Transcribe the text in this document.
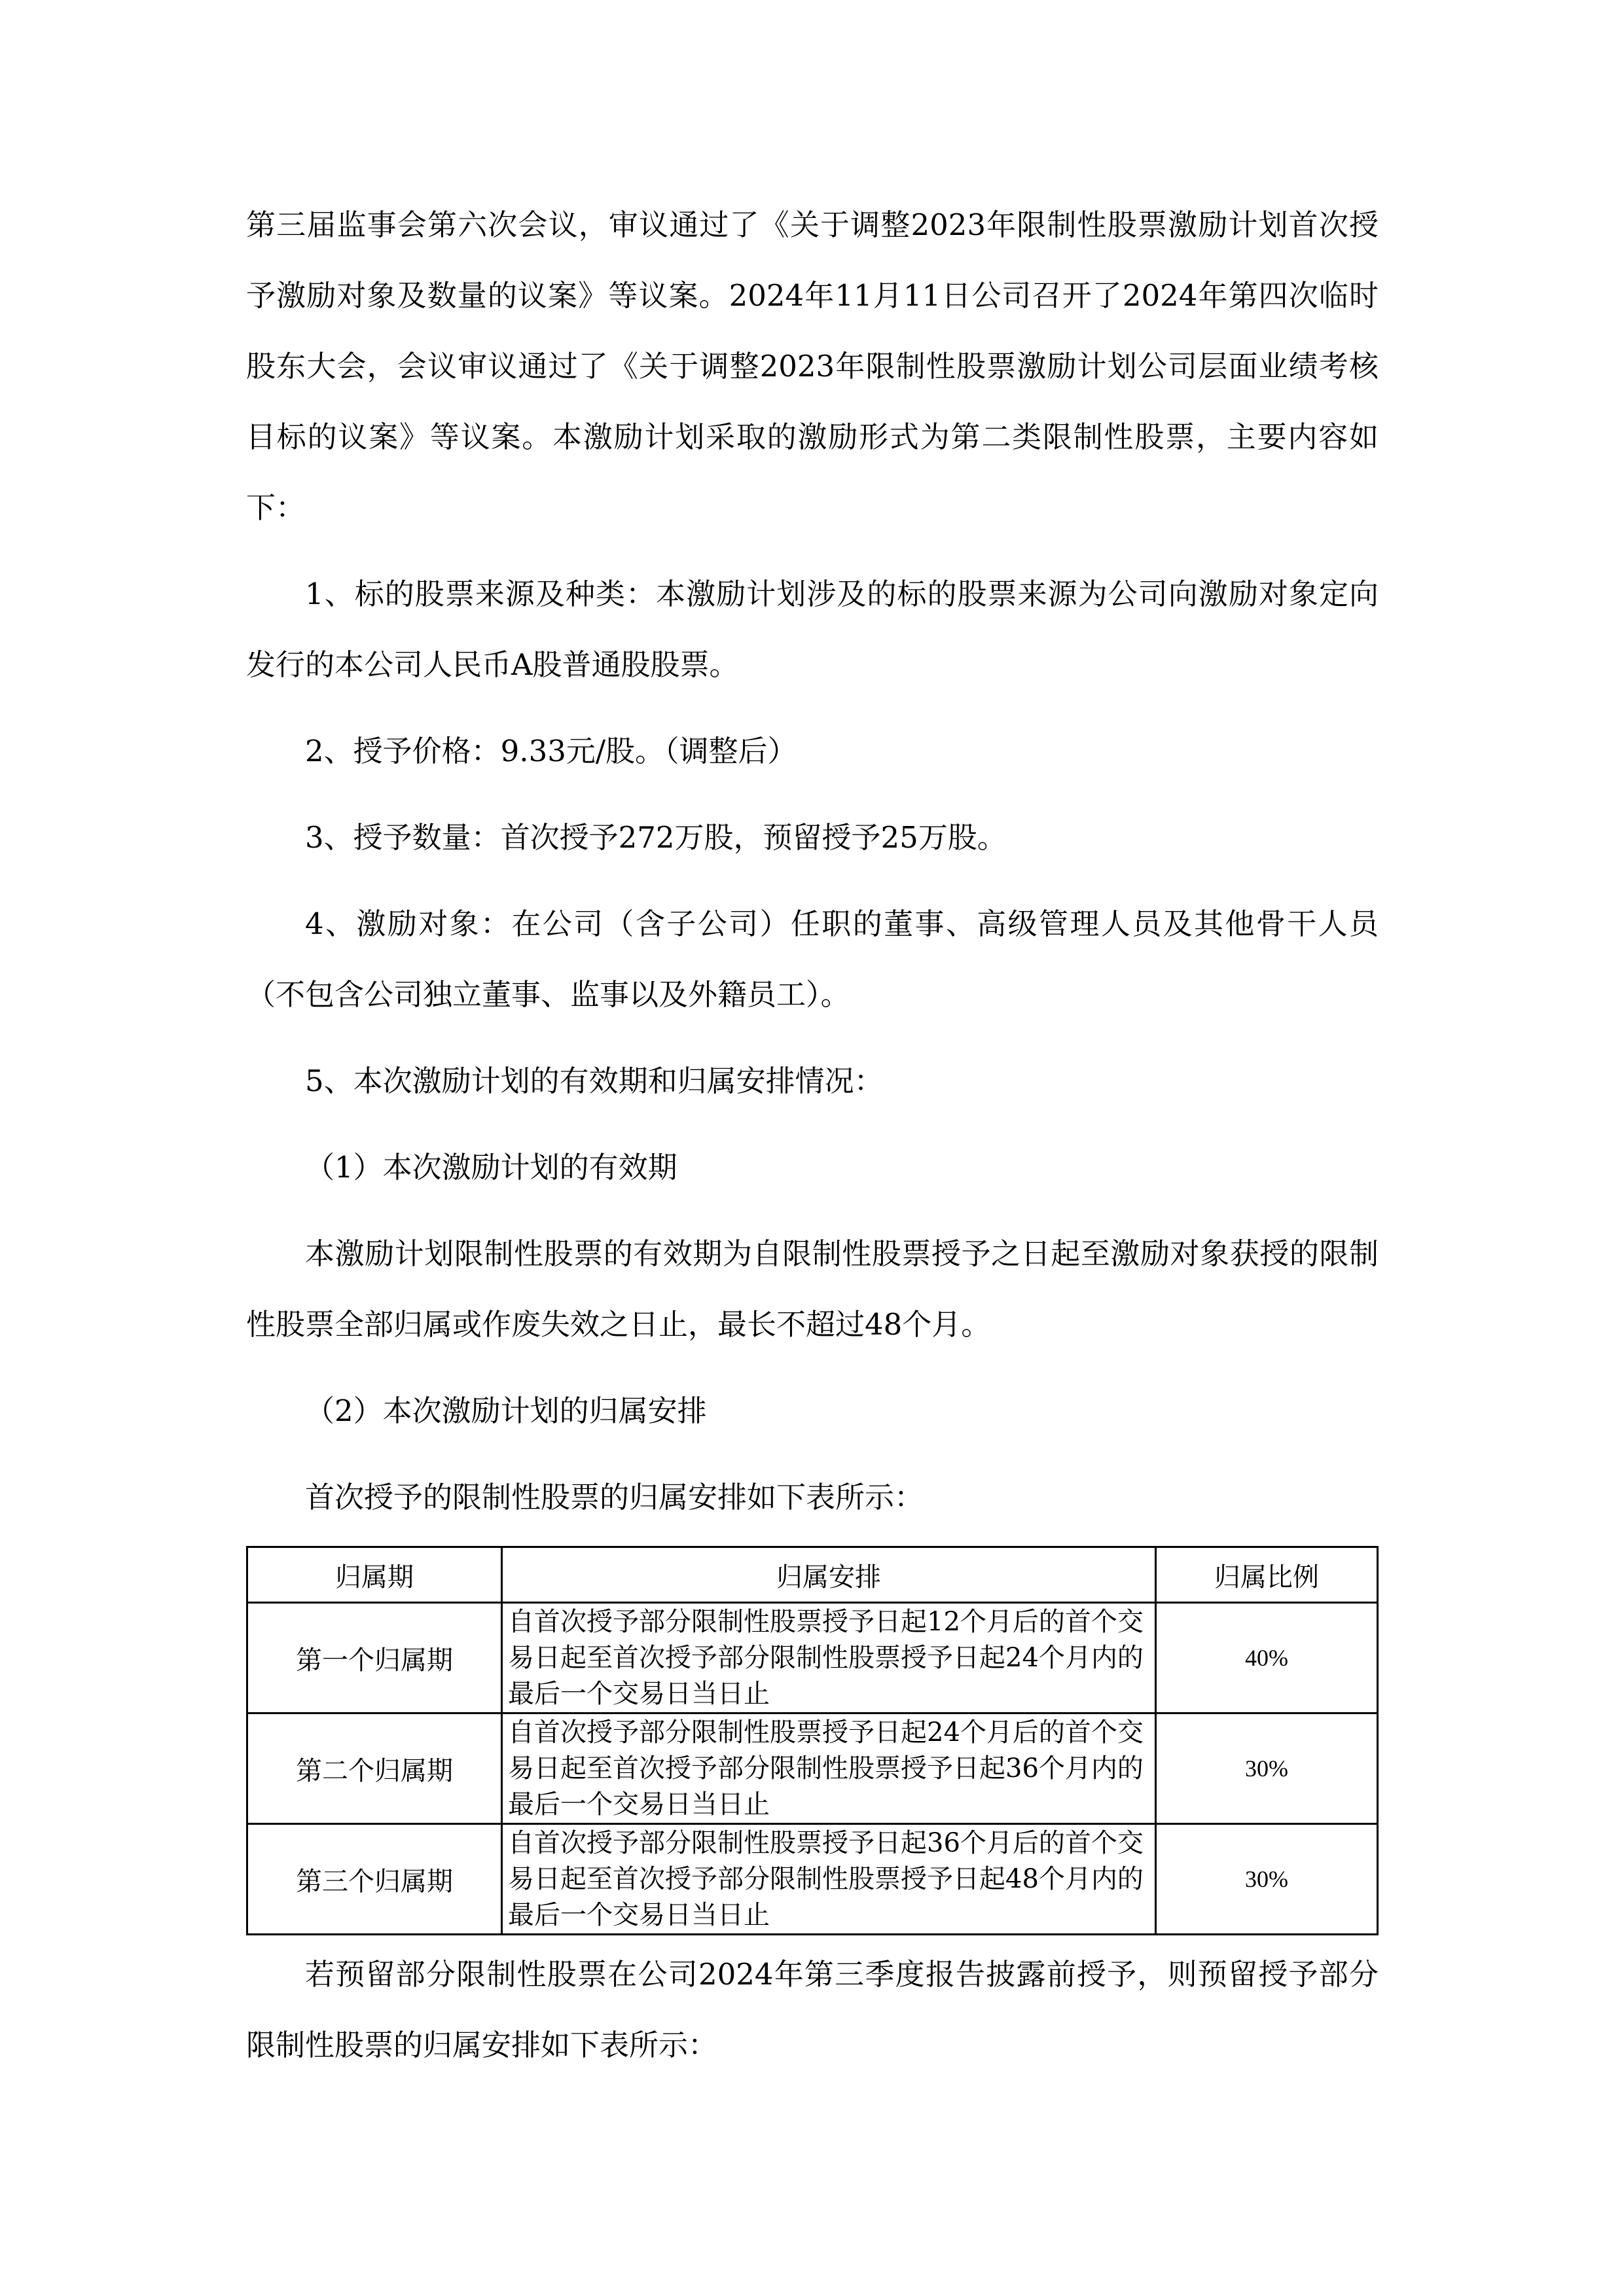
第三届监事会第六次会议，审议通过了《关于调整2023年限制性股票激励计划首次授予激励对象及数量的议案》等议案。2024年11月11日公司召开了2024年第四次临时股东大会，会议审议通过了《关于调整2023年限制性股票激励计划公司层面业绩考核目标的议案》等议案。本激励计划采取的激励形式为第二类限制性股票，主要内容如下：

1、标的股票来源及种类：本激励计划涉及的标的股票来源为公司向激励对象定向发行的本公司人民币A股普通股股票。

2、授予价格：9.33元/股。（调整后）

3、授予数量：首次授予272万股，预留授予25万股。

4、激励对象：在公司（含子公司）任职的董事、高级管理人员及其他骨干人员（不包含公司独立董事、监事以及外籍员工）。

5、本次激励计划的有效期和归属安排情况：

（1）本次激励计划的有效期

本激励计划限制性股票的有效期为自限制性股票授予之日起至激励对象获授的限制性股票全部归属或作废失效之日止，最长不超过48个月。

（2）本次激励计划的归属安排

首次授予的限制性股票的归属安排如下表所示：

归属期	归属安排	归属比例
第一个归属期	自首次授予部分限制性股票授予日起12个月后的首个交易日起至首次授予部分限制性股票授予日起24个月内的最后一个交易日当日止	40%
第二个归属期	自首次授予部分限制性股票授予日起24个月后的首个交易日起至首次授予部分限制性股票授予日起36个月内的最后一个交易日当日止	30%
第三个归属期	自首次授予部分限制性股票授予日起36个月后的首个交易日起至首次授予部分限制性股票授予日起48个月内的最后一个交易日当日止	30%

若预留部分限制性股票在公司2024年第三季度报告披露前授予，则预留授予部分限制性股票的归属安排如下表所示：
